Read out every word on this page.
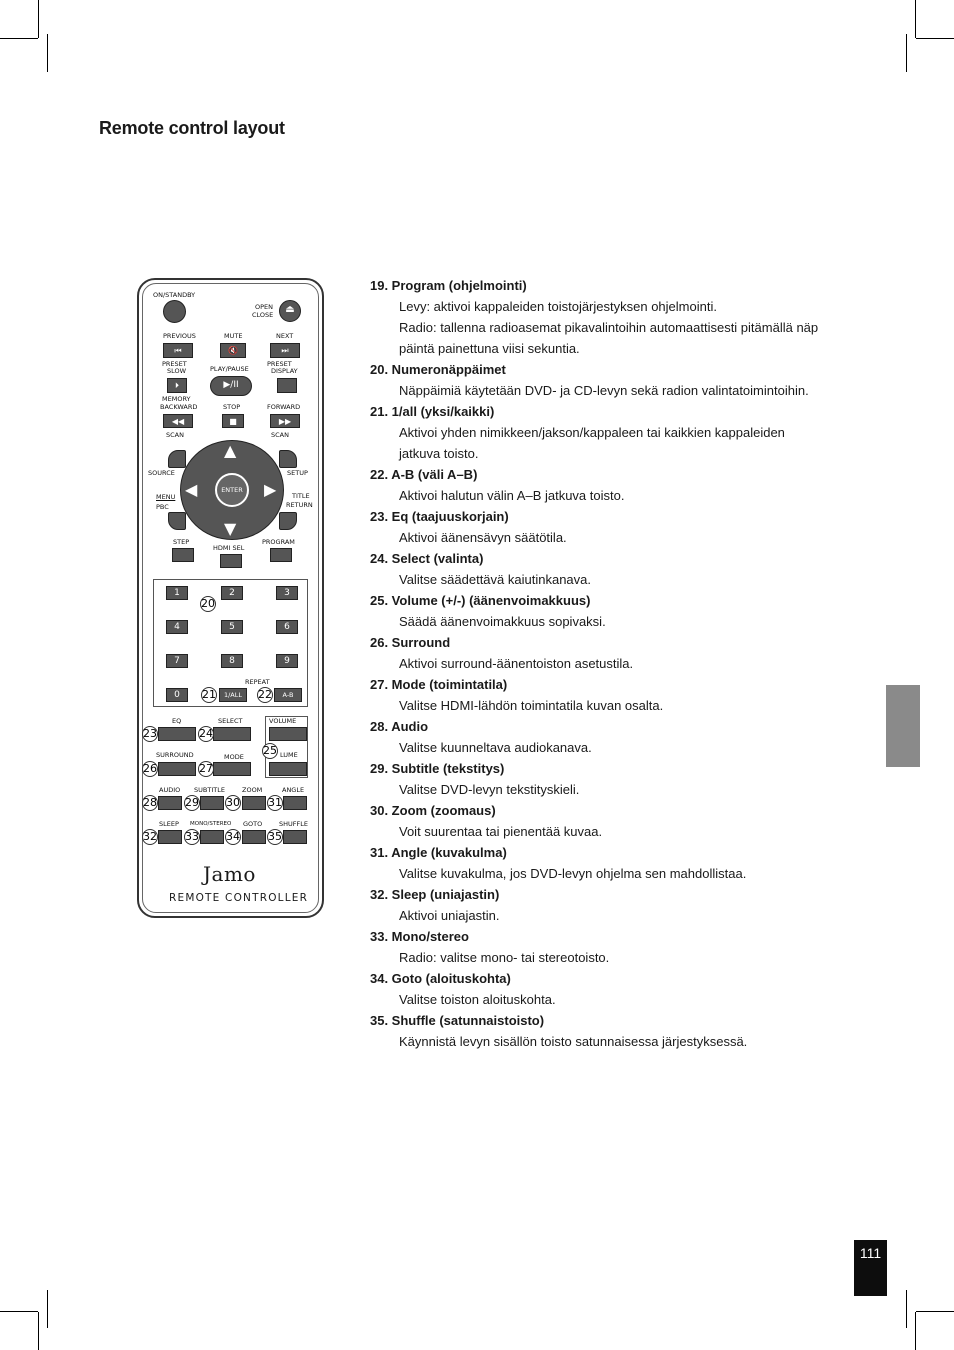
Remote control layout
ON/STANDBY
OPEN
CLOSE	⏏
PREVIOUS	MUTE	NEXT
⏮	🔇	⏭
PRESET
SLOW	PLAY/PAUSE
PRESET
DISPLAY
⏵	▶/II
MEMORY
BACKWARD	STOP	FORWARD
◀◀	■	▶▶
SCAN	SCAN
SOURCE	SETUP
MENU
PBC
TITLE
RETURN
▲
▼
◀	▶
ENTER
STEP
HDMI SEL
PROGRAM
1	2	3
4	5	6
7	8	9
0
REPEAT
1/ALL	A-B
EQ	SELECT	VOLUME
SURROUND	MODE	LUME
AUDIO SUBTITLE	ZOOM	ANGLE
SLEEP MONO/STEREO GOTO	SHUFFLE
20
21	22
23	24
25
26	27
28	29 30	31
32	33 34	35
Jamo
REMOTE CONTROLLER
19. Program (ohjelmointi)
Levy: aktivoi kappaleiden toistojärjestyksen ohjelmointi.
Radio: tallenna radioasemat pikavalintoihin automaattisesti pitämällä näp
päintä painettuna viisi sekuntia.
20. Numeronäppäimet
Näppäimiä käytetään DVD- ja CD-levyn sekä radion valintatoimintoihin.
21. 1/all (yksi/kaikki)
Aktivoi yhden nimikkeen/jakson/kappaleen tai kaikkien kappaleiden
jatkuva toisto.
22. A-B (väli A–B)
Aktivoi halutun välin A–B jatkuva toisto.
23. Eq (taajuuskorjain)
Aktivoi äänensävyn säätötila.
24. Select (valinta)
Valitse säädettävä kaiutinkanava.
25. Volume (+/-) (äänenvoimakkuus)
Säädä äänenvoimakkuus sopivaksi.
26. Surround
Aktivoi surround-äänentoiston asetustila.
27. Mode (toimintatila)
Valitse HDMI-lähdön toimintatila kuvan osalta.
28. Audio
Valitse kuunneltava audiokanava.
29. Subtitle (tekstitys)
Valitse DVD-levyn tekstityskieli.
30. Zoom (zoomaus)
Voit suurentaa tai pienentää kuvaa.
31. Angle (kuvakulma)
Valitse kuvakulma, jos DVD-levyn ohjelma sen mahdollistaa.
32. Sleep (uniajastin)
Aktivoi uniajastin.
33. Mono/stereo
Radio: valitse mono- tai stereotoisto.
34. Goto (aloituskohta)
Valitse toiston aloituskohta.
35. Shuffle (satunnaistoisto)
Käynnistä levyn sisällön toisto satunnaisessa järjestyksessä.
111
